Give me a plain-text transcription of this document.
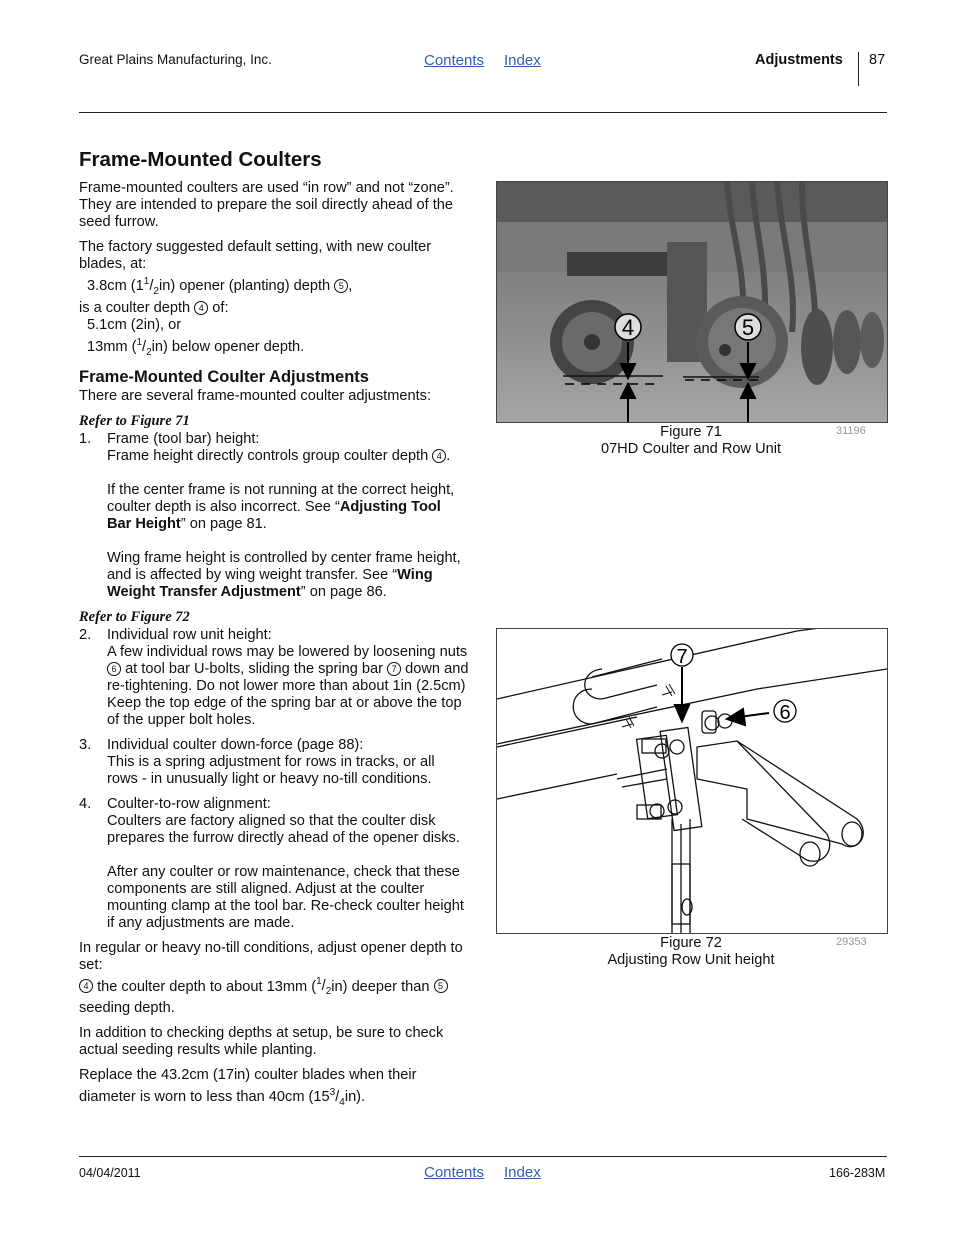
Great Plains Manufacturing, Inc.	Contents Index	Adjustments 87
Frame-Mounted Coulters

Frame-mounted coulters are used “in row” and not “zone”. They are intended to prepare the soil directly ahead of the seed furrow.

The factory suggested default setting, with new coulter blades, at:
3.8cm $(1^1/_2in)$ opener (planting) depth 5 ,
is a coulter depth 4 of:
5.1cm (2in), or
13mm $(^1/_2in)$ below opener depth.
Frame-Mounted Coulter Adjustments
There are several frame-mounted coulter adjustments:
Refer to Figure 71
1. Frame (tool bar) height:
Frame height directly controls group coulter depth 4 .
If the center frame is not running at the correct height, coulter depth is also incorrect. See “Adjusting Tool Bar Height” on page 81.
Wing frame height is controlled by center frame height, and is affected by wing weight transfer. See “Wing Weight Transfer Adjustment” on page 86.
Refer to Figure 72
2. Individual row unit height:
A few individual rows may be lowered by loosening nuts 6 at tool bar U-bolts, sliding the spring bar 7 down and re-tightening. Do not lower more than about 1in (2.5cm) Keep the top edge of the spring bar at or above the top of the upper bolt holes.
3. Individual coulter down-force (page 88):
This is a spring adjustment for rows in tracks, or all rows - in unusually light or heavy no-till conditions.
4. Coulter-to-row alignment:
Coulters are factory aligned so that the coulter disk prepares the furrow directly ahead of the opener disks.
After any coulter or row maintenance, check that these components are still aligned. Adjust at the coulter mounting clamp at the tool bar. Re-check coulter height if any adjustments are made.

In regular or heavy no-till conditions, adjust opener depth to set:

4 the coulter depth to about 13mm $(^1/_2in)$ deeper than 5 seeding depth.

In addition to checking depths at setup, be sure to check actual seeding results while planting.

Replace the 43.2cm (17in) coulter blades when their diameter is worn to less than 40cm $(15^3/_4in)$.

4	5
Figure 71
07HD Coulter and Row Unit
31196
7
6
Figure 72
Adjusting Row Unit height
29353
04/04/2011	Contents Index	166-283M
